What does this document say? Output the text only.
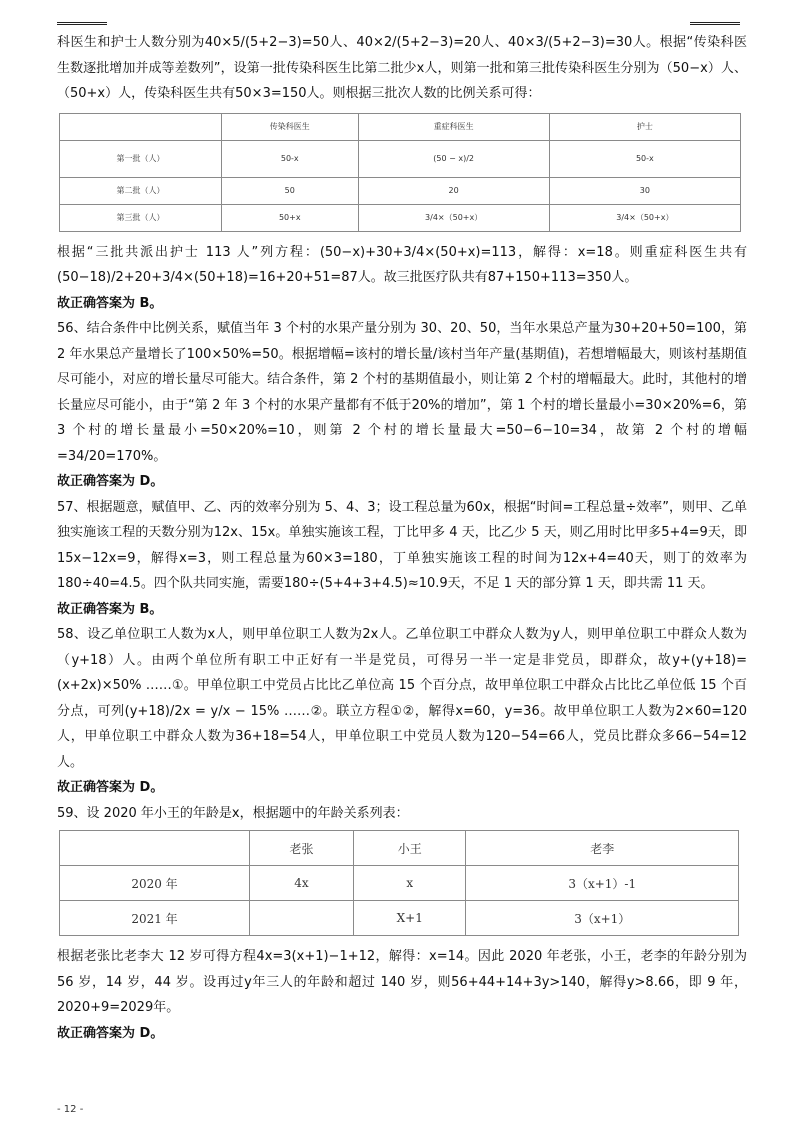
科医生和护士人数分别为40×5/(5+2−3)=50人、40×2/(5+2−3)=20人、40×3/(5+2−3)=30人。根据“传染科医生数逐批增加并成等差数列”，设第一批传染科医生比第二批少x人，则第一批和第三批传染科医生分别为（50−x）人、（50+x）人，传染科医生共有50×3=150人。则根据三批次人数的比例关系可得：

	传染科医生	重症科医生	护士
第一批（人）	50-x	(50 − x)/2	50-x
第二批（人）	50	20	30
第三批（人）	50+x	3/4×（50+x）	3/4×（50+x）

根据“三批共派出护士 113 人”列方程：(50−x)+30+3/4×(50+x)=113，解得：x=18。则重症科医生共有(50−18)/2+20+3/4×(50+18)=16+20+51=87人。故三批医疗队共有87+150+113=350人。

故正确答案为 B。

56、结合条件中比例关系，赋值当年 3 个村的水果产量分别为 30、20、50，当年水果总产量为30+20+50=100，第 2 年水果总产量增长了100×50%=50。根据增幅=该村的增长量/该村当年产量(基期值)，若想增幅最大，则该村基期值尽可能小，对应的增长量尽可能大。结合条件，第 2 个村的基期值最小，则让第 2 个村的增幅最大。此时，其他村的增长量应尽可能小，由于“第 2 年 3 个村的水果产量都有不低于20%的增加”，第 1 个村的增长量最小=30×20%=6，第 3 个村的增长量最小=50×20%=10，则第 2 个村的增长量最大=50−6−10=34，故第 2 个村的增幅=34/20=170%。

故正确答案为 D。

57、根据题意，赋值甲、乙、丙的效率分别为 5、4、3；设工程总量为60x，根据“时间=工程总量÷效率”，则甲、乙单独实施该工程的天数分别为12x、15x。单独实施该工程，丁比甲多 4 天，比乙少 5 天，则乙用时比甲多5+4=9天，即15x−12x=9，解得x=3，则工程总量为60×3=180，丁单独实施该工程的时间为12x+4=40天，则丁的效率为180÷40=4.5。四个队共同实施，需要180÷(5+4+3+4.5)≈10.9天，不足 1 天的部分算 1 天，即共需 11 天。

故正确答案为 B。

58、设乙单位职工人数为x人，则甲单位职工人数为2x人。乙单位职工中群众人数为y人，则甲单位职工中群众人数为（y+18）人。由两个单位所有职工中正好有一半是党员，可得另一半一定是非党员，即群众，故y+(y+18)=(x+2x)×50% ……①。甲单位职工中党员占比比乙单位高 15 个百分点，故甲单位职工中群众占比比乙单位低 15 个百分点，可列(y+18)/2x = y/x − 15% ……②。联立方程①②，解得x=60，y=36。故甲单位职工人数为2×60=120人，甲单位职工中群众人数为36+18=54人，甲单位职工中党员人数为120−54=66人，党员比群众多66−54=12人。

故正确答案为 D。

59、设 2020 年小王的年龄是x，根据题中的年龄关系列表：

	老张	小王	老李
2020 年	4x	x	3（x+1）-1
2021 年		X+1	3（x+1）

根据老张比老李大 12 岁可得方程4x=3(x+1)−1+12，解得：x=14。因此 2020 年老张，小王，老李的年龄分别为 56 岁，14 岁，44 岁。设再过y年三人的年龄和超过 140 岁，则56+44+14+3y>140，解得y>8.66，即 9 年，2020+9=2029年。

故正确答案为 D。

- 12 -
